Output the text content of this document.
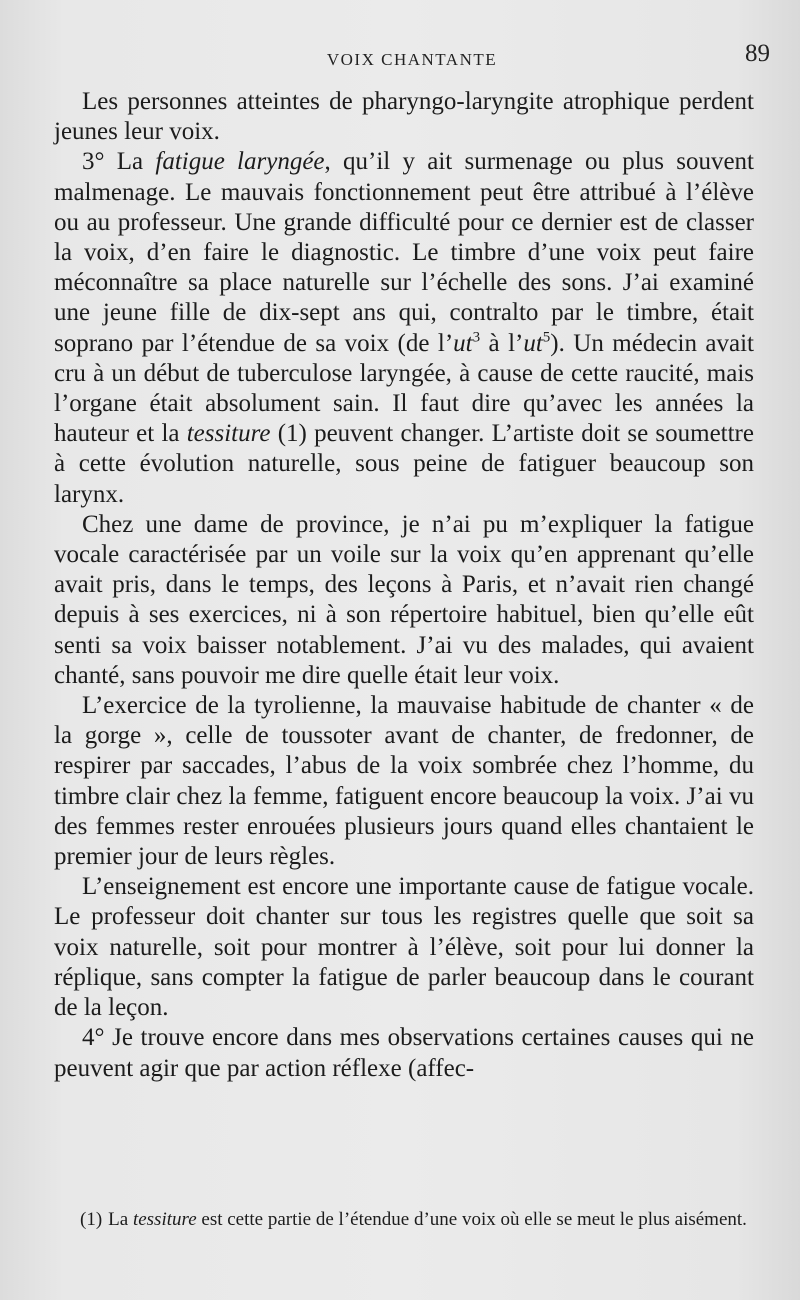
VOIX CHANTANTE	89

Les personnes atteintes de pharyngo-laryngite atrophique perdent jeunes leur voix.

3° La fatigue laryngée, qu’il y ait surmenage ou plus souvent malmenage. Le mauvais fonctionnement peut être attribué à l’élève ou au professeur. Une grande difficulté pour ce dernier est de classer la voix, d’en faire le diagnostic. Le timbre d’une voix peut faire méconnaître sa place naturelle sur l’échelle des sons. J’ai examiné une jeune fille de dix-sept ans qui, contralto par le timbre, était soprano par l’étendue de sa voix (de $l’ut^3$ à $l’ut^5$). Un médecin avait cru à un début de tuberculose laryngée, à cause de cette raucité, mais l’organe était absolument sain. Il faut dire qu’avec les années la hauteur et la tessiture (1) peuvent changer. L’artiste doit se soumettre à cette évolution naturelle, sous peine de fatiguer beaucoup son larynx.

Chez une dame de province, je n’ai pu m’expliquer la fatigue vocale caractérisée par un voile sur la voix qu’en apprenant qu’elle avait pris, dans le temps, des leçons à Paris, et n’avait rien changé depuis à ses exercices, ni à son répertoire habituel, bien qu’elle eût senti sa voix baisser notablement. J’ai vu des malades, qui avaient chanté, sans pouvoir me dire quelle était leur voix.

L’exercice de la tyrolienne, la mauvaise habitude de chanter « de la gorge », celle de toussoter avant de chanter, de fredonner, de respirer par saccades, l’abus de la voix sombrée chez l’homme, du timbre clair chez la femme, fatiguent encore beaucoup la voix. J’ai vu des femmes rester enrouées plusieurs jours quand elles chantaient le premier jour de leurs règles.

L’enseignement est encore une importante cause de fatigue vocale. Le professeur doit chanter sur tous les registres quelle que soit sa voix naturelle, soit pour montrer à l’élève, soit pour lui donner la réplique, sans compter la fatigue de parler beaucoup dans le courant de la leçon.

4° Je trouve encore dans mes observations certaines causes qui ne peuvent agir que par action réflexe (affec-

(1) La tessiture est cette partie de l’étendue d’une voix où elle se meut le plus aisément.
